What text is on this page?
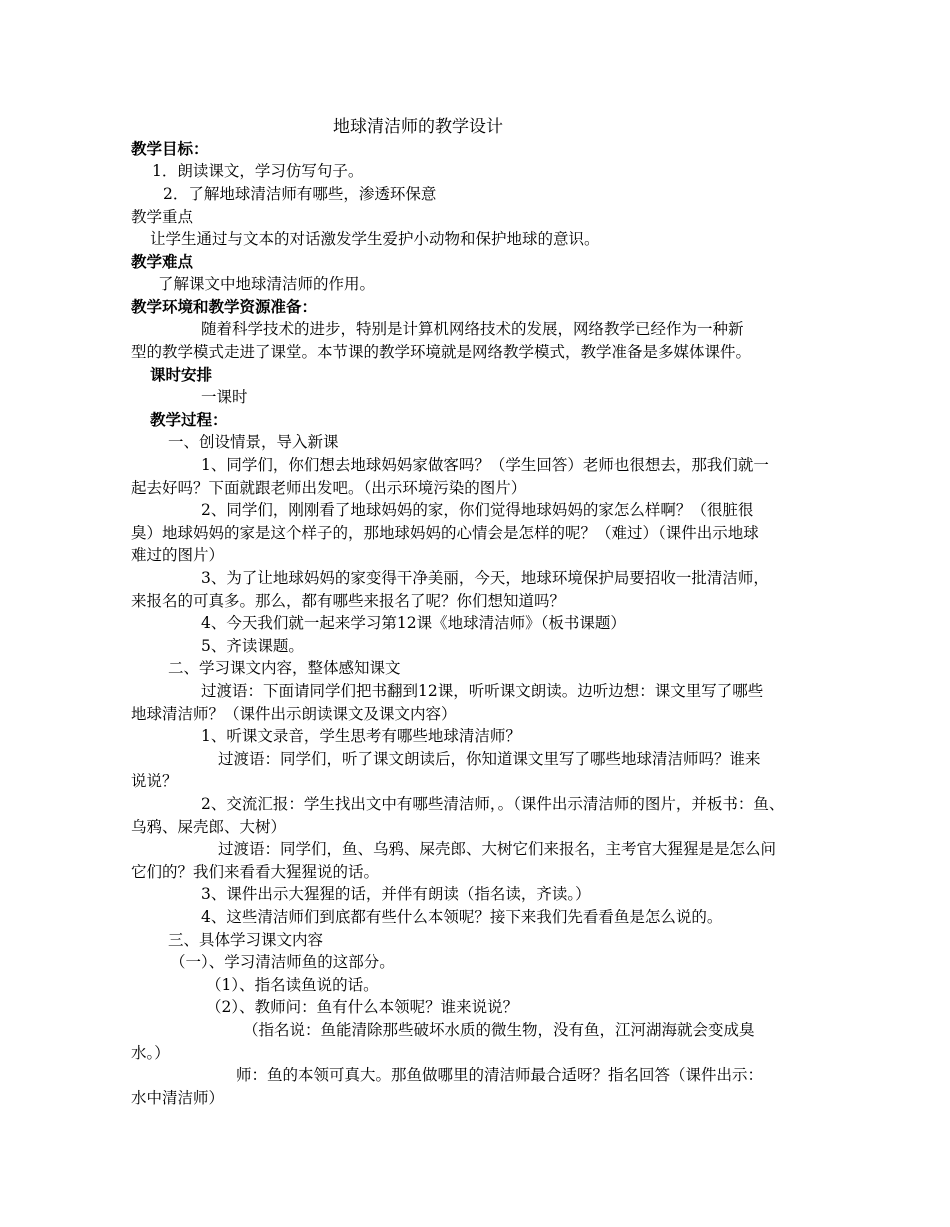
地球清洁师的教学设计
教学目标：
1．朗读课文，学习仿写句子。
2．了解地球清洁师有哪些，渗透环保意
教学重点
让学生通过与文本的对话激发学生爱护小动物和保护地球的意识。
教学难点
了解课文中地球清洁师的作用。
教学环境和教学资源准备：
随着科学技术的进步，特别是计算机网络技术的发展，网络教学已经作为一种新
型的教学模式走进了课堂。本节课的教学环境就是网络教学模式，教学准备是多媒体课件。
课时安排
一课时
教学过程：
一、创设情景，导入新课
1、同学们，你们想去地球妈妈家做客吗？（学生回答）老师也很想去，那我们就一
起去好吗？下面就跟老师出发吧。（出示环境污染的图片）
2、同学们，刚刚看了地球妈妈的家，你们觉得地球妈妈的家怎么样啊？（很脏很
臭）地球妈妈的家是这个样子的，那地球妈妈的心情会是怎样的呢？（难过）（课件出示地球
难过的图片）
3、为了让地球妈妈的家变得干净美丽，今天，地球环境保护局要招收一批清洁师，
来报名的可真多。那么，都有哪些来报名了呢？你们想知道吗？
4、今天我们就一起来学习第12课《地球清洁师》（板书课题）
5、齐读课题。
二、学习课文内容，整体感知课文
过渡语：下面请同学们把书翻到12课，听听课文朗读。边听边想：课文里写了哪些
地球清洁师？（课件出示朗读课文及课文内容）
1、听课文录音，学生思考有哪些地球清洁师？
过渡语：同学们，听了课文朗读后，你知道课文里写了哪些地球清洁师吗？谁来
说说？
2、交流汇报：学生找出文中有哪些清洁师，。（课件出示清洁师的图片，并板书：鱼、
乌鸦、屎壳郎、大树）
过渡语：同学们，鱼、乌鸦、屎壳郎、大树它们来报名，主考官大猩猩是是怎么问
它们的？我们来看看大猩猩说的话。
3、课件出示大猩猩的话，并伴有朗读（指名读，齐读。）
4、这些清洁师们到底都有些什么本领呢？接下来我们先看看鱼是怎么说的。
三、具体学习课文内容
（一）、学习清洁师鱼的这部分。
（1）、指名读鱼说的话。
（2）、教师问：鱼有什么本领呢？谁来说说？
（指名说：鱼能清除那些破坏水质的微生物，没有鱼，江河湖海就会变成臭
水。）
师：鱼的本领可真大。那鱼做哪里的清洁师最合适呀？指名回答（课件出示：
水中清洁师）
